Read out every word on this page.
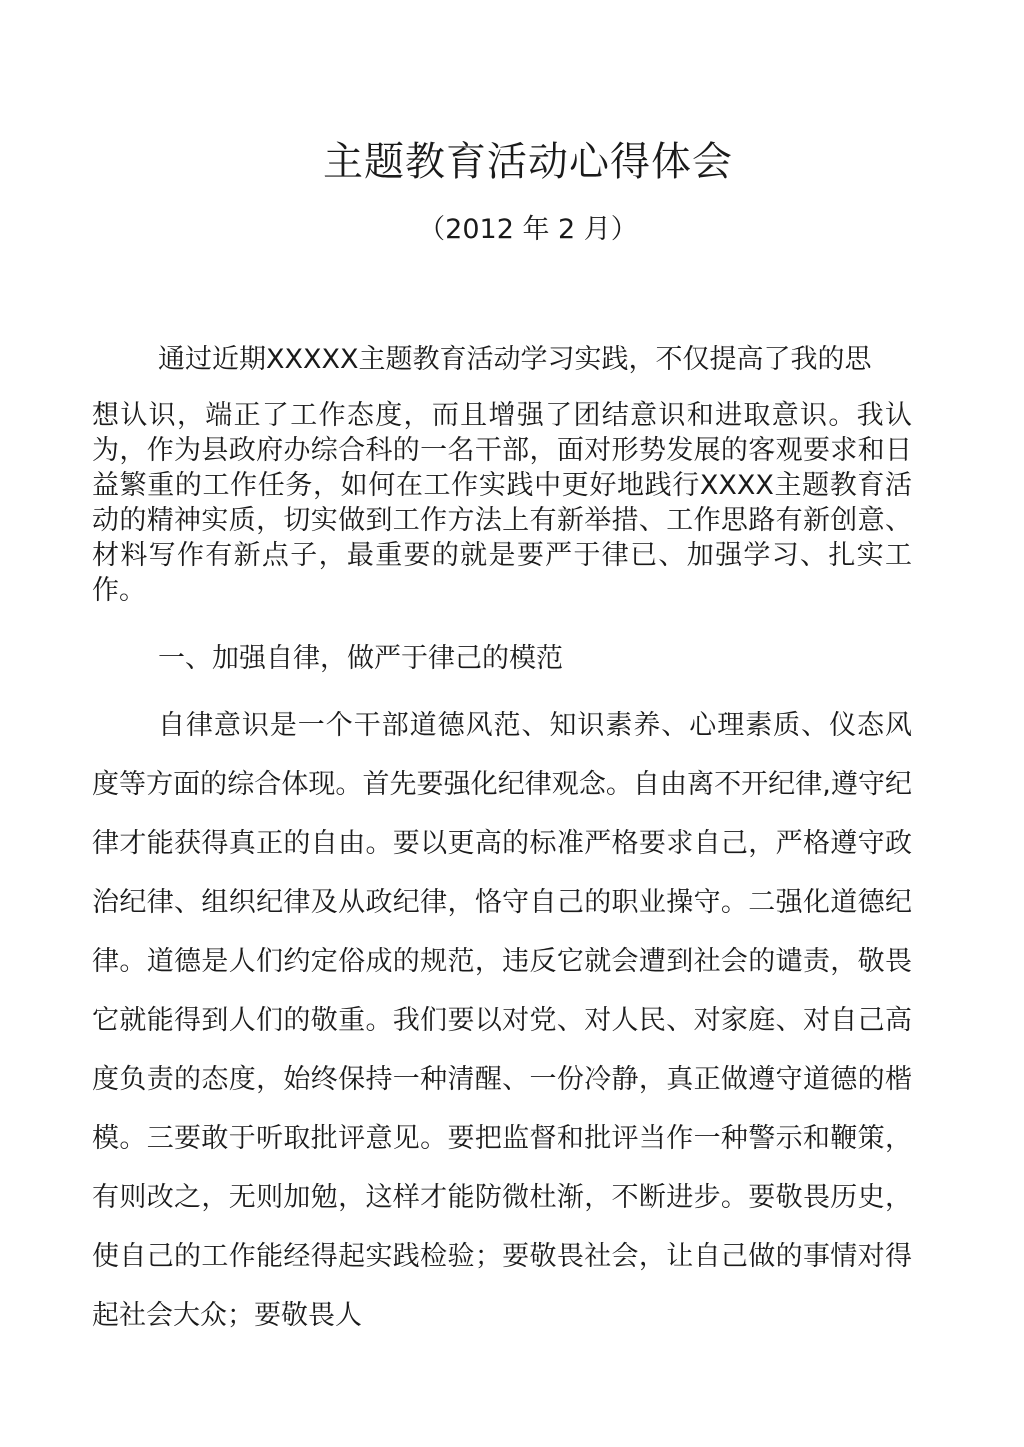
主题教育活动心得体会
（2012 年 2 月）
通过近期XXXXX主题教育活动学习实践，不仅提高了我的思
想认识，端正了工作态度，而且增强了团结意识和进取意识。我认为，作为县政府办综合科的一名干部，面对形势发展的客观要求和日益繁重的工作任务，如何在工作实践中更好地践行XXXX主题教育活动的精神实质，切实做到工作方法上有新举措、工作思路有新创意、材料写作有新点子，最重要的就是要严于律已、加强学习、扎实工作。
一、加强自律，做严于律己的模范
自律意识是一个干部道德风范、知识素养、心理素质、仪态风度等方面的综合体现。首先要强化纪律观念。自由离不开纪律,遵守纪律才能获得真正的自由。要以更高的标准严格要求自己，严格遵守政治纪律、组织纪律及从政纪律，恪守自己的职业操守。二强化道德纪律。道德是人们约定俗成的规范，违反它就会遭到社会的谴责，敬畏它就能得到人们的敬重。我们要以对党、对人民、对家庭、对自己高度负责的态度，始终保持一种清醒、一份冷静，真正做遵守道德的楷模。三要敢于听取批评意见。要把监督和批评当作一种警示和鞭策，有则改之，无则加勉，这样才能防微杜渐，不断进步。要敬畏历史，使自己的工作能经得起实践检验；要敬畏社会，让自己做的事情对得起社会大众；要敬畏人
